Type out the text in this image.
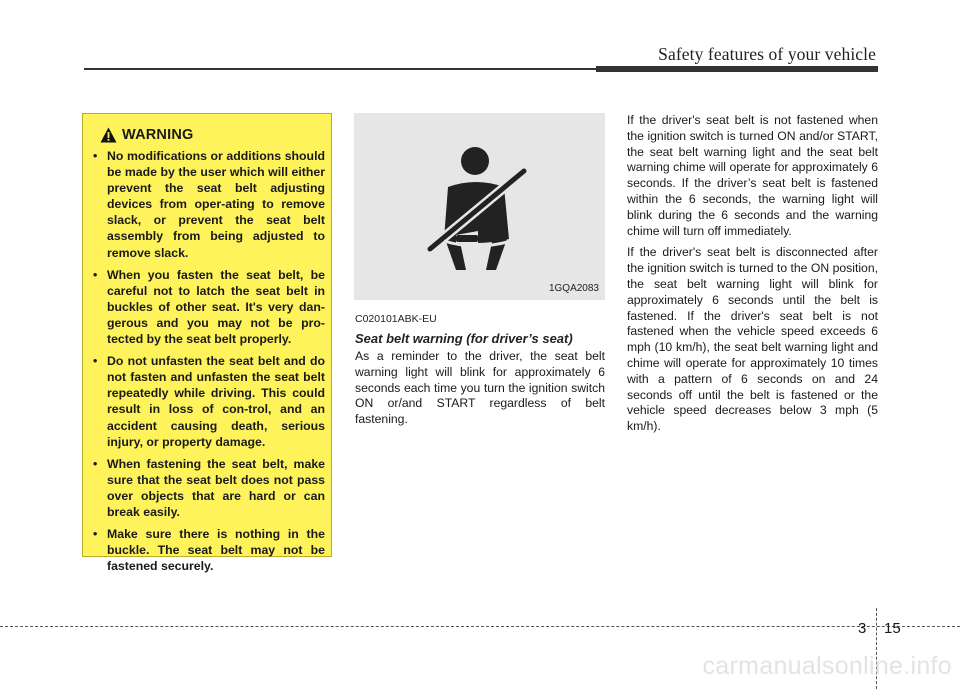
Safety features of your vehicle
WARNING
• No modifications or additions should be made by the user which will either prevent the seat belt adjusting devices from oper-ating to remove slack, or prevent the seat belt assembly from being adjusted to remove slack.
• When you fasten the seat belt, be careful not to latch the seat belt in buckles of other seat. It's very dan-gerous and you may not be pro-tected by the seat belt properly.
• Do not unfasten the seat belt and do not fasten and unfasten the seat belt repeatedly while driving. This could result in loss of con-trol, and an accident causing death, serious injury, or property damage.
• When fastening the seat belt, make sure that the seat belt does not pass over objects that are hard or can break easily.
• Make sure there is nothing in the buckle. The seat belt may not be fastened securely.
1GQA2083
C020101ABK-EU
Seat belt warning (for driver’s seat)

As a reminder to the driver, the seat belt warning light will blink for approximately 6 seconds each time you turn the ignition switch ON or/and START regardless of belt fastening.

If the driver's seat belt is not fastened when the ignition switch is turned ON and/or START, the seat belt warning light and the seat belt warning chime will operate for approximately 6 seconds. If the driver’s seat belt is fastened within the 6 seconds, the warning light will blink during the 6 seconds and the warning chime will turn off immediately.

If the driver's seat belt is disconnected after the ignition switch is turned to the ON position, the seat belt warning light will blink for approximately 6 seconds until the belt is fastened. If the driver's seat belt is not fastened when the vehicle speed exceeds 6 mph (10 km/h), the seat belt warning light and chime will operate for approximately 10 times with a pattern of 6 seconds on and 24 seconds off until the belt is fastened or the vehicle speed decreases below 3 mph (5 km/h).

3 15
carmanualsonline.info
